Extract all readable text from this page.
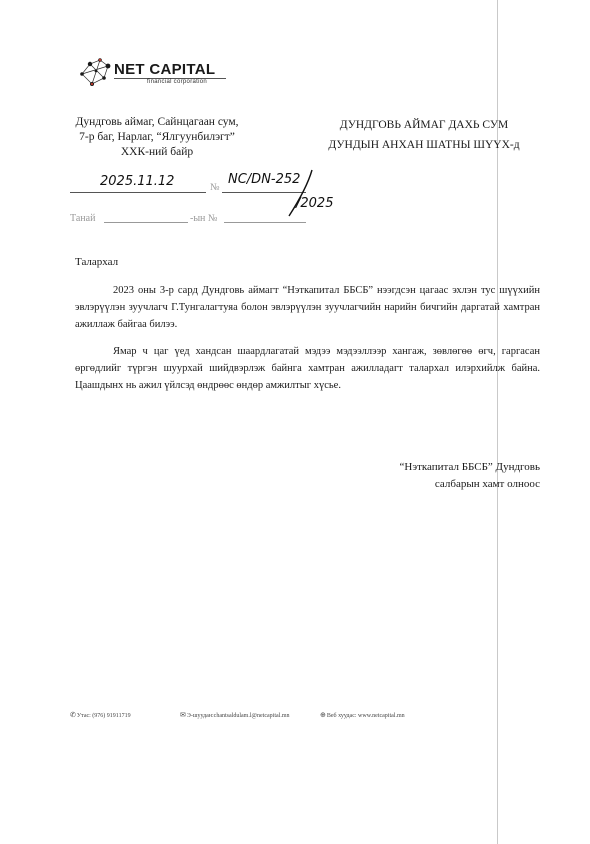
NET CAPITAL
financial corporation
Дундговь аймаг, Сайнцагаан сум,
7-р баг, Нарлаг, “Ялгуунбилэгт”
ХХК-ний байр
ДУНДГОВЬ АЙМАГ ДАХЬ СУМ
ДУНДЫН АНХАН ШАТНЫ ШҮҮХ-д
2025.11.12	№
NC/DN-252
/2025
Танай	-ын №
Талархал
2023 оны 3-р сард Дундговь аймагт “Нэткапитал ББСБ” нээгдсэн цагаас эхлэн тус шүүхийн эвлэрүүлэн зуучлагч Г.Тунгалагтуяа болон эвлэрүүлэн зуучлагчийн нарийн бичгийн даргатай хамтран ажиллаж байгаа билээ.
Ямар ч цаг үед хандсан шаардлагатай мэдээ мэдээллээр хангаж, зөвлөгөө өгч, гаргасан өргөдлийг түргэн шуурхай шийдвэрлэж байнга хамтран ажилладагт талархал илэрхийлж байна. Цаашдынх нь ажил үйлсэд өндрөөс өндөр амжилтыг хүсье.
“Нэткапитал ББСБ” Дундговь
салбарын хамт олноос
✆Утас: (976) 91911719	✉Э-шуудан:chantsaldulam.l@netcapital.mn	⊕Веб хуудас: www.netcapital.mn
